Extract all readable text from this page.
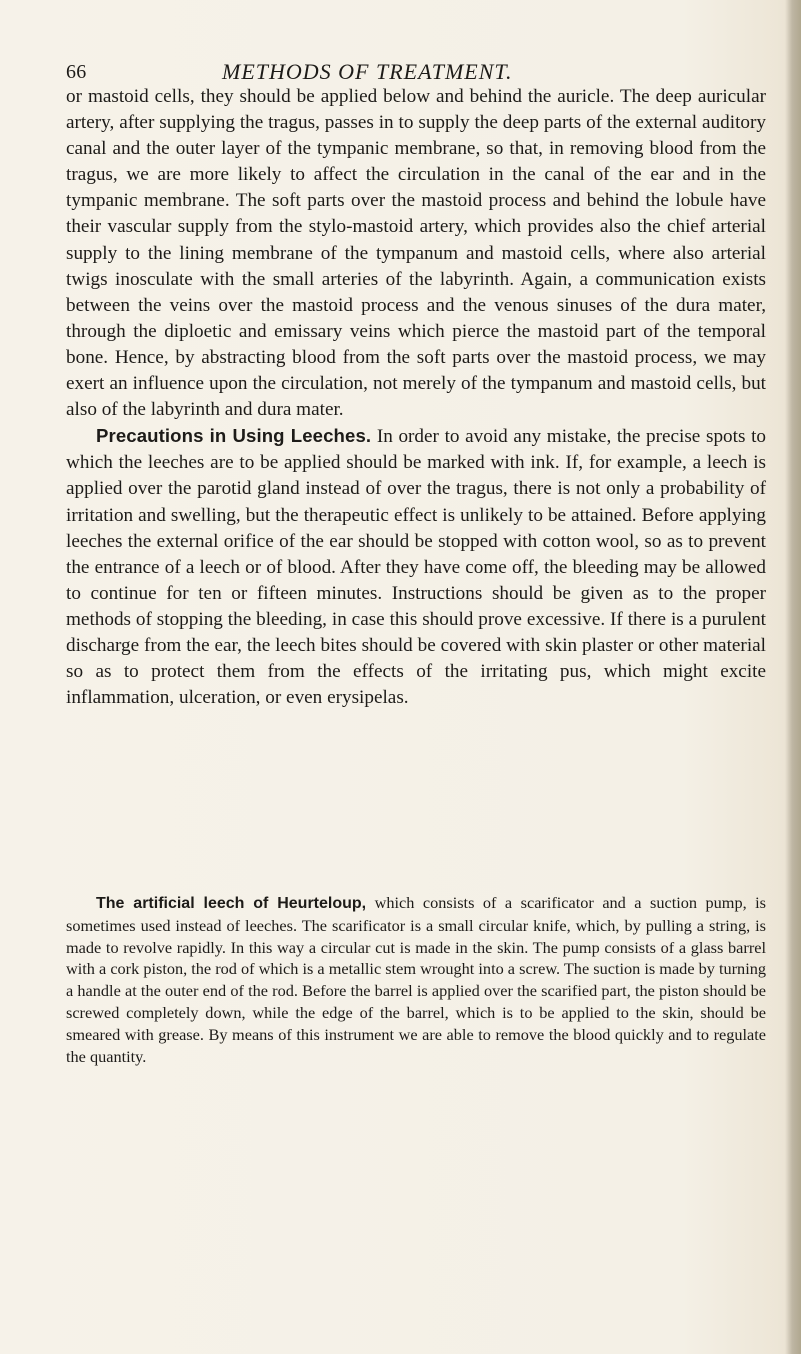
66	METHODS OF TREATMENT.

or mastoid cells, they should be applied below and behind the auricle. The deep auricular artery, after supplying the tragus, passes in to supply the deep parts of the external auditory canal and the outer layer of the tympanic membrane, so that, in removing blood from the tragus, we are more likely to affect the circulation in the canal of the ear and in the tympanic membrane. The soft parts over the mastoid process and behind the lobule have their vascular supply from the stylo-mastoid artery, which provides also the chief arterial supply to the lining membrane of the tympanum and mastoid cells, where also arterial twigs inosculate with the small arteries of the labyrinth. Again, a communication exists between the veins over the mastoid process and the venous sinuses of the dura mater, through the diploetic and emissary veins which pierce the mastoid part of the temporal bone. Hence, by abstracting blood from the soft parts over the mastoid process, we may exert an influence upon the circulation, not merely of the tympanum and mastoid cells, but also of the labyrinth and dura mater.

Precautions in Using Leeches. In order to avoid any mistake, the precise spots to which the leeches are to be applied should be marked with ink. If, for example, a leech is applied over the parotid gland instead of over the tragus, there is not only a probability of irritation and swelling, but the therapeutic effect is unlikely to be attained. Before applying leeches the external orifice of the ear should be stopped with cotton wool, so as to prevent the entrance of a leech or of blood. After they have come off, the bleeding may be allowed to continue for ten or fifteen minutes. Instructions should be given as to the proper methods of stopping the bleeding, in case this should prove excessive. If there is a purulent discharge from the ear, the leech bites should be covered with skin plaster or other material so as to protect them from the effects of the irritating pus, which might excite inflammation, ulceration, or even erysipelas.

The artificial leech of Heurteloup, which consists of a scarificator and a suction pump, is sometimes used instead of leeches. The scarificator is a small circular knife, which, by pulling a string, is made to revolve rapidly. In this way a circular cut is made in the skin. The pump consists of a glass barrel with a cork piston, the rod of which is a metallic stem wrought into a screw. The suction is made by turning a handle at the outer end of the rod. Before the barrel is applied over the scarified part, the piston should be screwed completely down, while the edge of the barrel, which is to be applied to the skin, should be smeared with grease. By means of this instrument we are able to remove the blood quickly and to regulate the quantity.
